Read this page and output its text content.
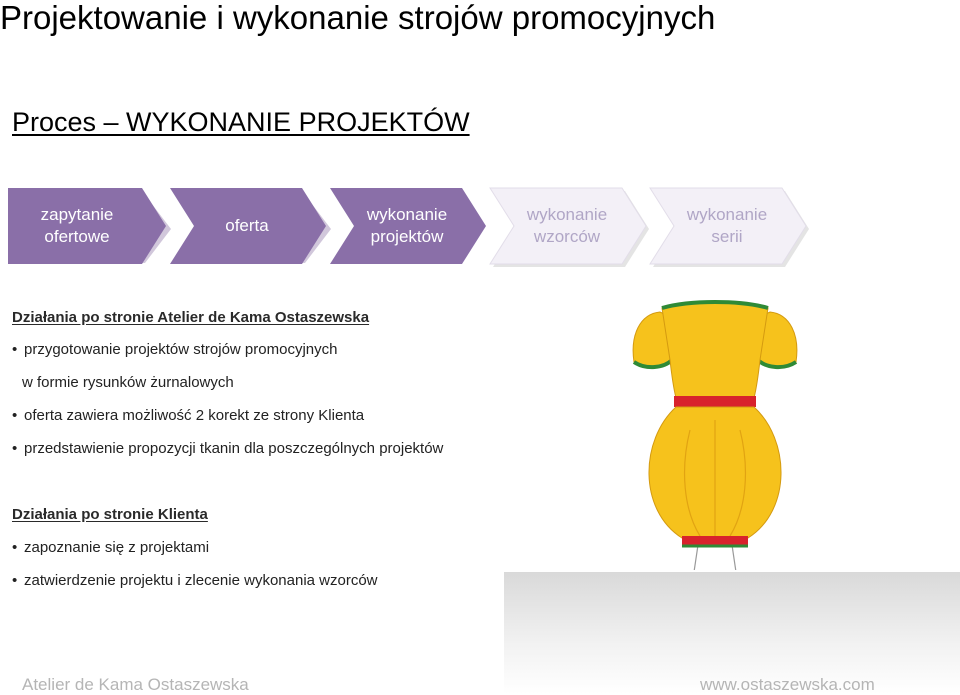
Projektowanie i wykonanie strojów promocyjnych
Proces – WYKONANIE PROJEKTÓW
zapytanie
ofertowe
oferta
wykonanie
projektów
wykonanie
wzorców
wykonanie
serii
Działania po stronie Atelier de Kama Ostaszewska
• przygotowanie projektów strojów promocyjnych
w formie rysunków żurnalowych
• oferta zawiera możliwość 2 korekt ze strony Klienta
• przedstawienie propozycji tkanin dla poszczególnych projektów
Działania po stronie Klienta
• zapoznanie się z projektami
• zatwierdzenie projektu i zlecenie wykonania wzorców
Atelier de Kama Ostaszewska	www.ostaszewska.com
